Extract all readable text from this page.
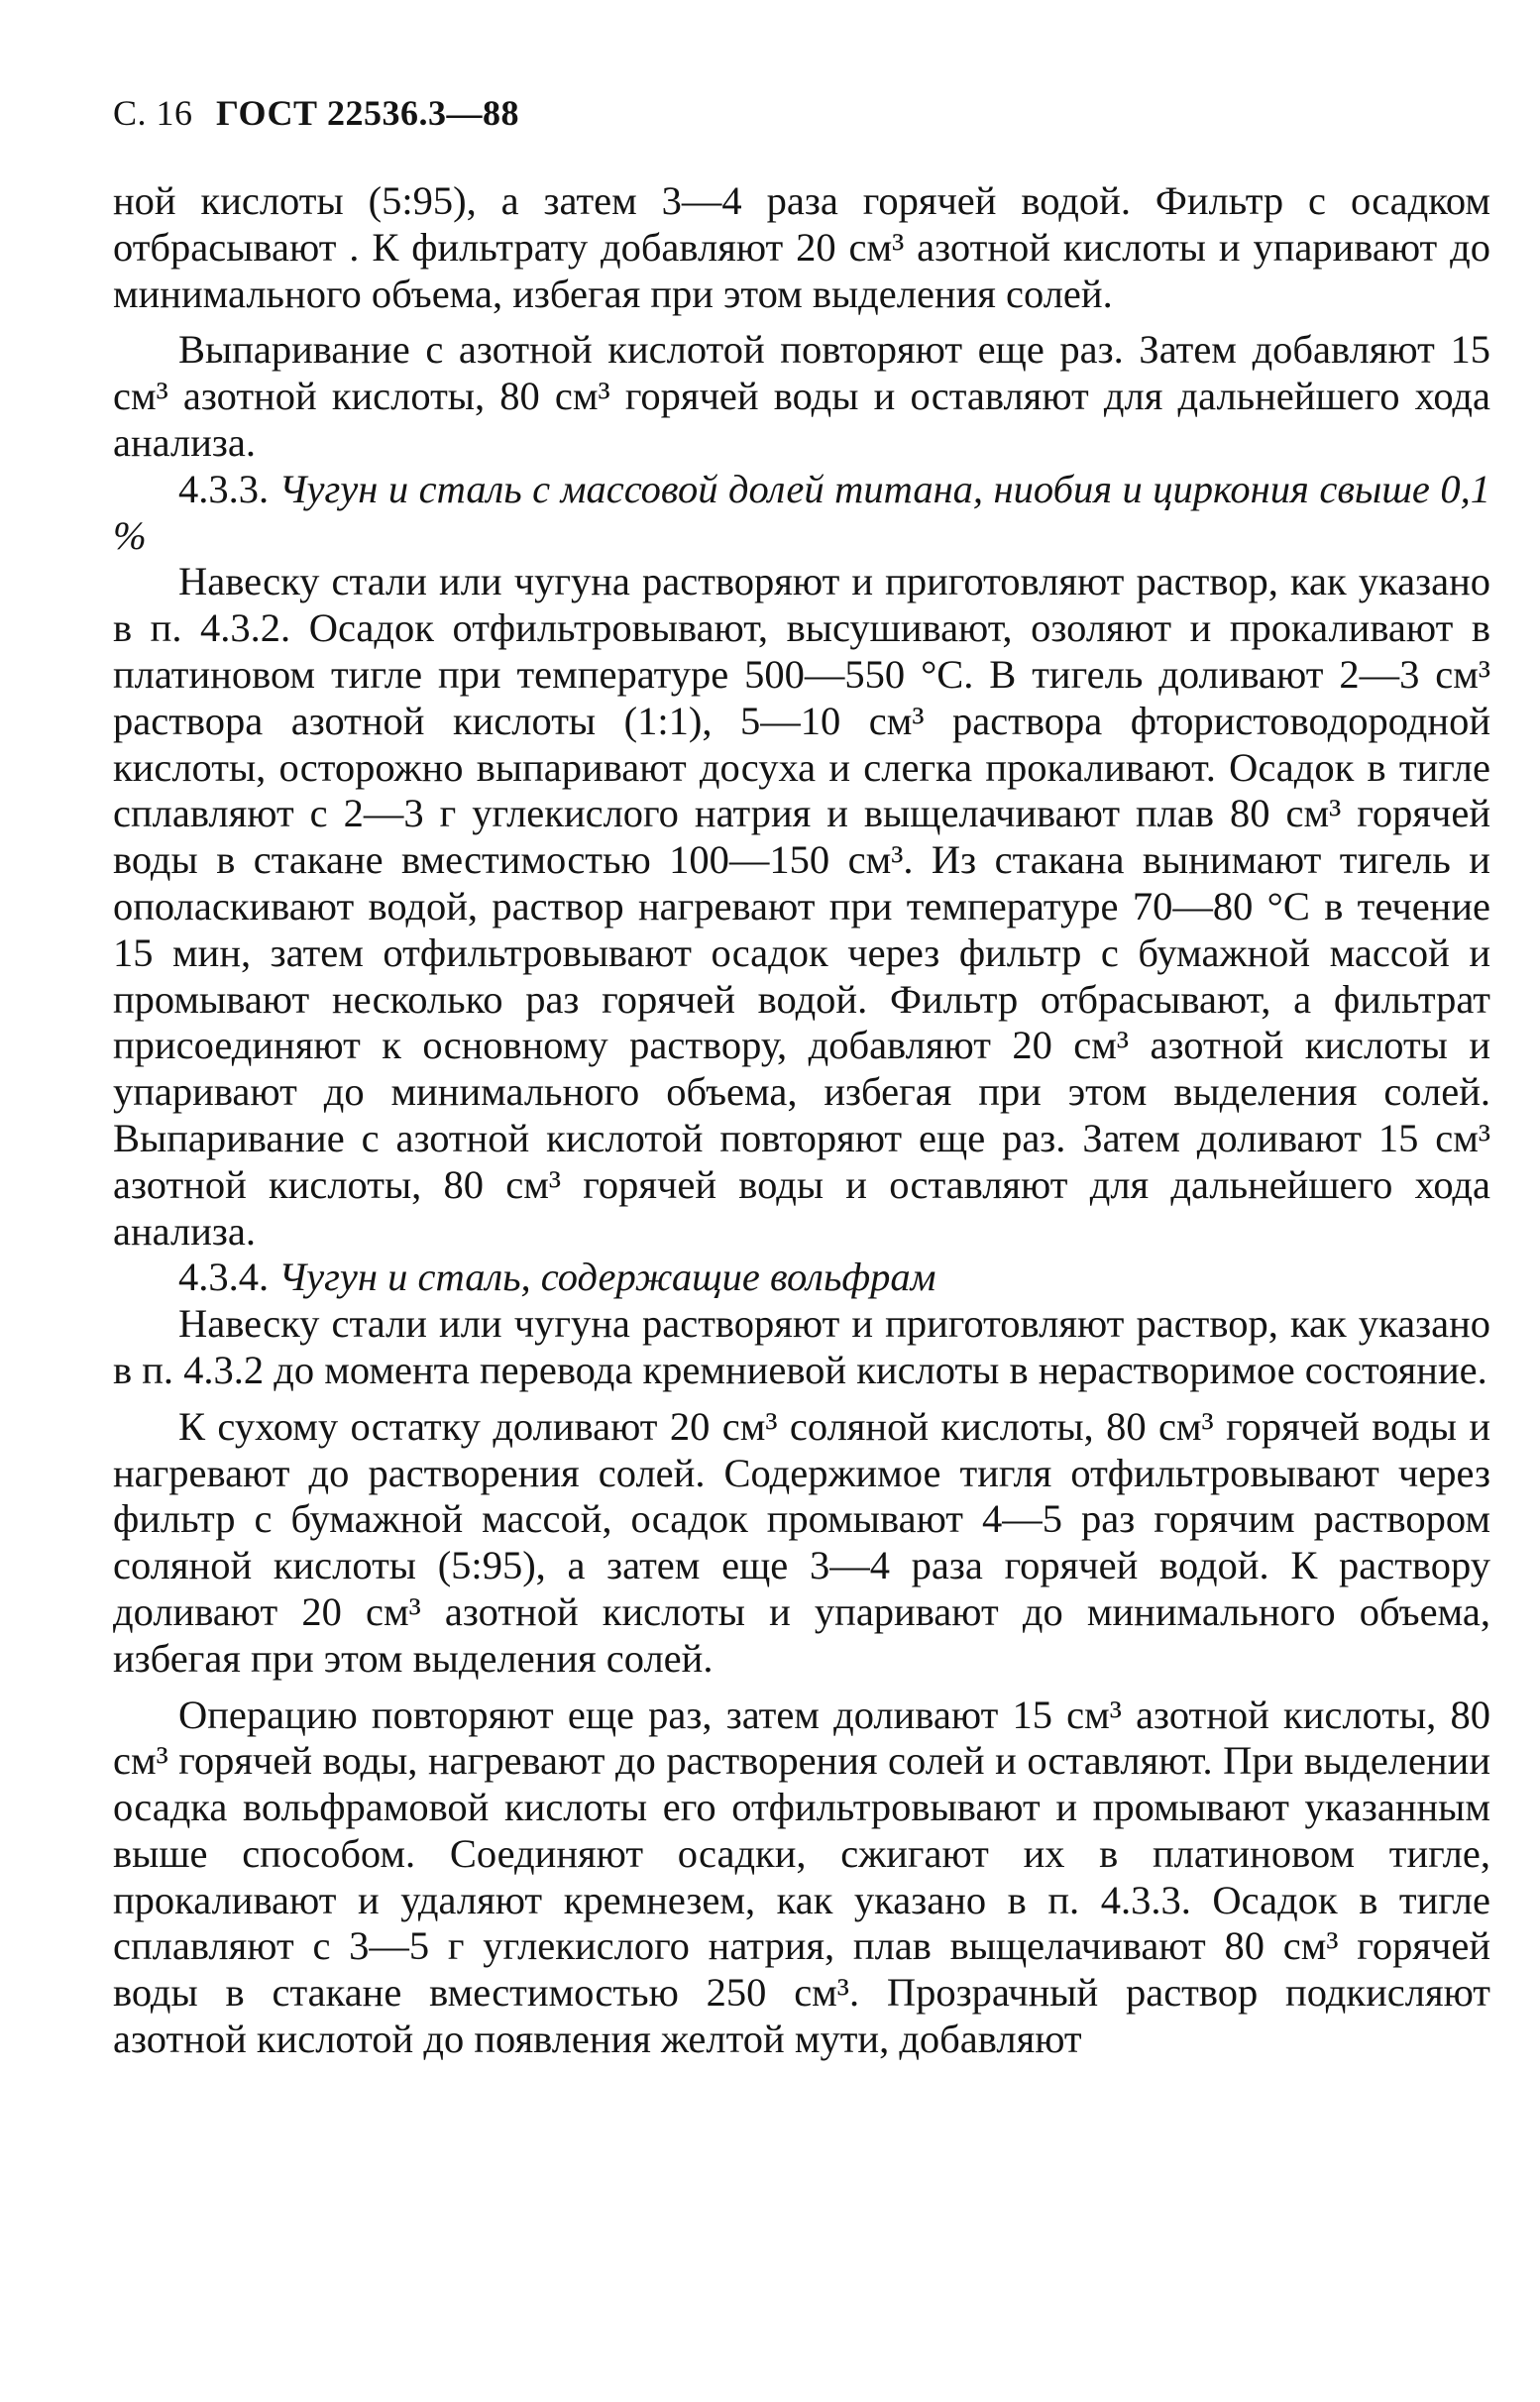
С. 16 ГОСТ 22536.3—88

ной кислоты (5:95), а затем 3—4 раза горячей водой. Фильтр с осадком отбрасывают . К фильтрату добавляют 20 см³ азотной кислоты и упаривают до минимального объема, избегая при этом выделения солей.

Выпаривание с азотной кислотой повторяют еще раз. Затем добавляют 15 см³ азотной кислоты, 80 см³ горячей воды и оставляют для дальнейшего хода анализа.

4.3.3. Чугун и сталь с массовой долей титана, ниобия и циркония свыше 0,1 %

Навеску стали или чугуна растворяют и приготовляют раствор, как указано в п. 4.3.2. Осадок отфильтровывают, высушивают, озоляют и прокаливают в платиновом тигле при температуре 500—550 °С. В тигель доливают 2—3 см³ раствора азотной кислоты (1:1), 5—10 см³ раствора фтористоводородной кислоты, осторожно выпаривают досуха и слегка прокаливают. Осадок в тигле сплавляют с 2—3 г углекислого натрия и выщелачивают плав 80 см³ горячей воды в стакане вместимостью 100—150 см³. Из стакана вынимают тигель и ополаскивают водой, раствор нагревают при температуре 70—80 °С в течение 15 мин, затем отфильтровывают осадок через фильтр с бумажной массой и промывают несколько раз горячей водой. Фильтр отбрасывают, а фильтрат присоединяют к основному раствору, добавляют 20 см³ азотной кислоты и упаривают до минимального объема, избегая при этом выделения солей. Выпаривание с азотной кислотой повторяют еще раз. Затем доливают 15 см³ азотной кислоты, 80 см³ горячей воды и оставляют для дальнейшего хода анализа.

4.3.4. Чугун и сталь, содержащие вольфрам

Навеску стали или чугуна растворяют и приготовляют раствор, как указано в п. 4.3.2 до момента перевода кремниевой кислоты в нерастворимое состояние.

К сухому остатку доливают 20 см³ соляной кислоты, 80 см³ горячей воды и нагревают до растворения солей. Содержимое тигля отфильтровывают через фильтр с бумажной массой, осадок промывают 4—5 раз горячим раствором соляной кислоты (5:95), а затем еще 3—4 раза горячей водой. К раствору доливают 20 см³ азотной кислоты и упаривают до минимального объема, избегая при этом выделения солей.

Операцию повторяют еще раз, затем доливают 15 см³ азотной кислоты, 80 см³ горячей воды, нагревают до растворения солей и оставляют. При выделении осадка вольфрамовой кислоты его отфильтровывают и промывают указанным выше способом. Соединяют осадки, сжигают их в платиновом тигле, прокаливают и удаляют кремнезем, как указано в п. 4.3.3. Осадок в тигле сплавляют с 3—5 г углекислого натрия, плав выщелачивают 80 см³ горячей воды в стакане вместимостью 250 см³. Прозрачный раствор подкисляют азотной кислотой до появления желтой мути, добавляют
